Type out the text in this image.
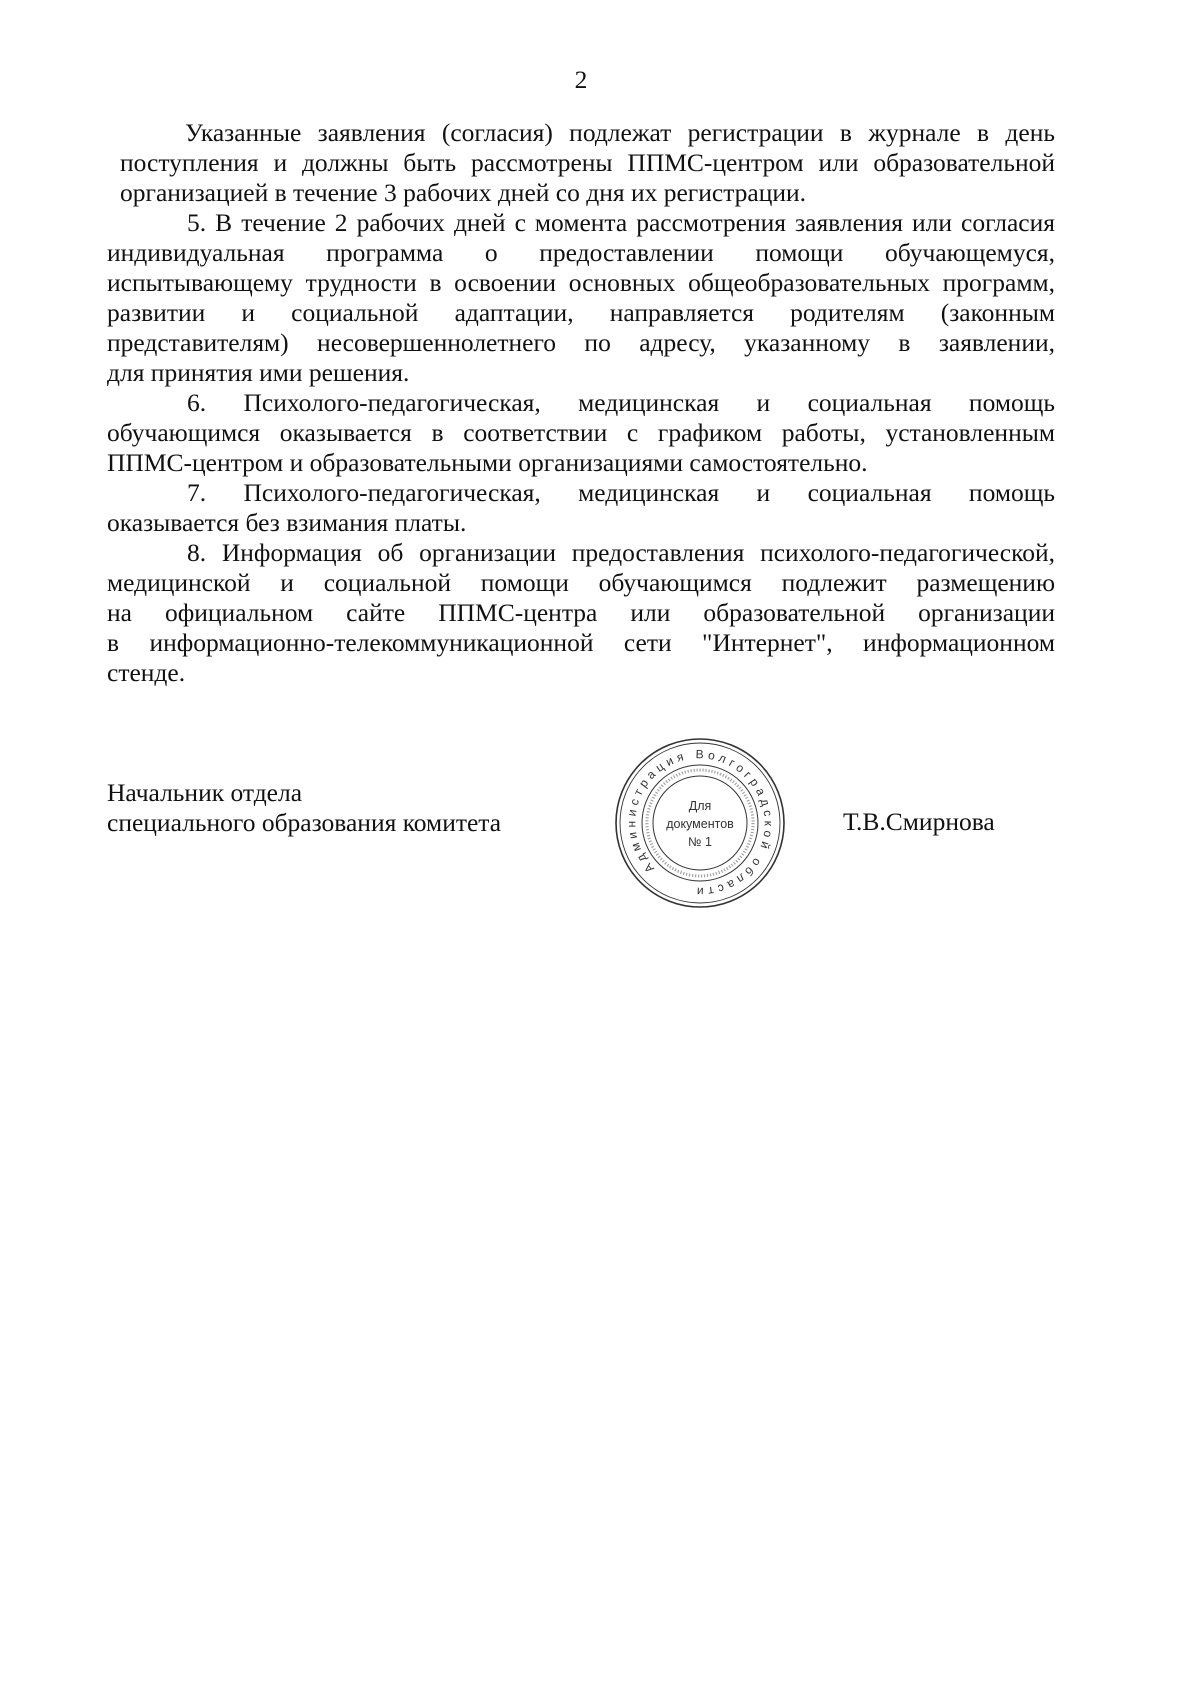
2
Указанные заявления (согласия) подлежат регистрации в журнале в день
поступления и должны быть рассмотрены ППМС-центром или образовательной
организацией в течение 3 рабочих дней со дня их регистрации.
5. В течение 2 рабочих дней с момента рассмотрения заявления или согласия
индивидуальная программа о предоставлении помощи обучающемуся,
испытывающему трудности в освоении основных общеобразовательных программ,
развитии и социальной адаптации, направляется родителям (законным
представителям) несовершеннолетнего по адресу, указанному в заявлении,
для принятия ими решения.
6. Психолого-педагогическая, медицинская и социальная помощь
обучающимся оказывается в соответствии с графиком работы, установленным
ППМС-центром и образовательными организациями самостоятельно.
7. Психолого-педагогическая, медицинская и социальная помощь
оказывается без взимания платы.
8. Информация об организации предоставления психолого-педагогической,
медицинской и социальной помощи обучающимся подлежит размещению
на официальном сайте ППМС-центра или образовательной организации
в информационно-телекоммуникационной сети "Интернет", информационном
стенде.
Начальник отдела
специального образования комитета
Администрация Волгоградской области
Для
документов
№ 1
Т.В.Смирнова
